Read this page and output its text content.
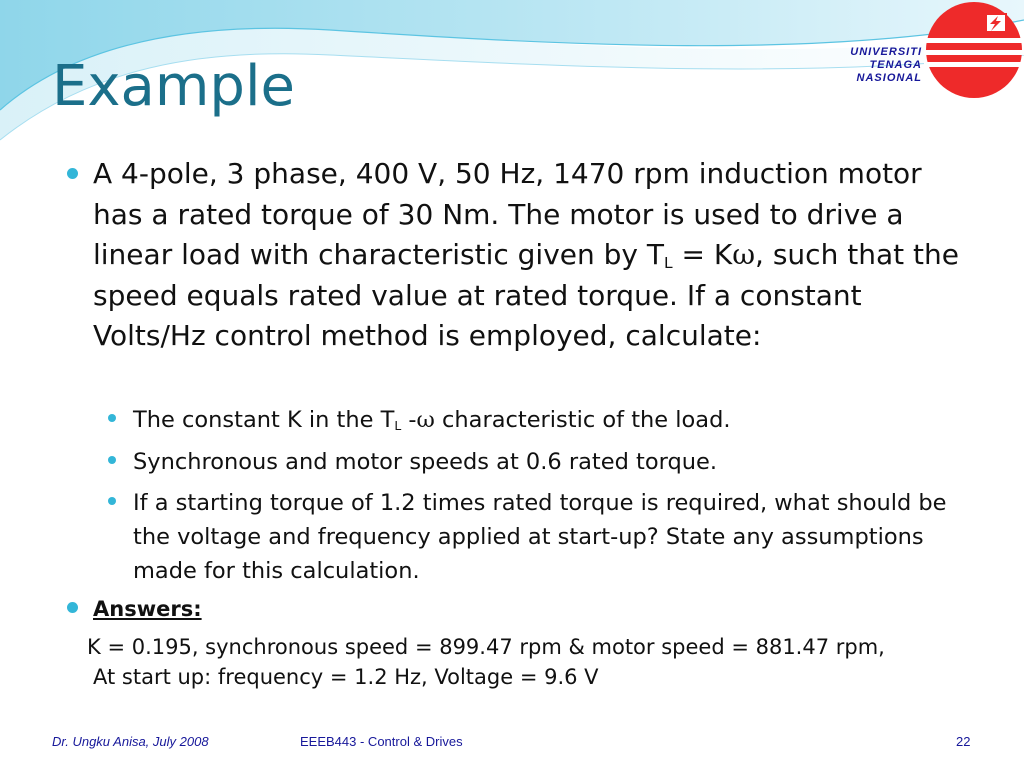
UNIVERSITI
TENAGA
NASIONAL
Example

A 4-pole, 3 phase, 400 V, 50 Hz, 1470 rpm induction motor has a rated torque of 30 Nm. The motor is used to drive a linear load with characteristic given by $T_L = K\omega$, such that the speed equals rated value at rated torque. If a constant Volts/Hz control method is employed, calculate:

The constant K in the $T_L$ -ω characteristic of the load.

Synchronous and motor speeds at 0.6 rated torque.

If a starting torque of 1.2 times rated torque is required, what should be the voltage and frequency applied at start-up? State any assumptions made for this calculation.

Answers:

K = 0.195, synchronous speed = 899.47 rpm & motor speed = 881.47 rpm,

At start up: frequency = 1.2 Hz, Voltage = 9.6 V

Dr. Ungku Anisa, July 2008	EEEB443 - Control & Drives	22
